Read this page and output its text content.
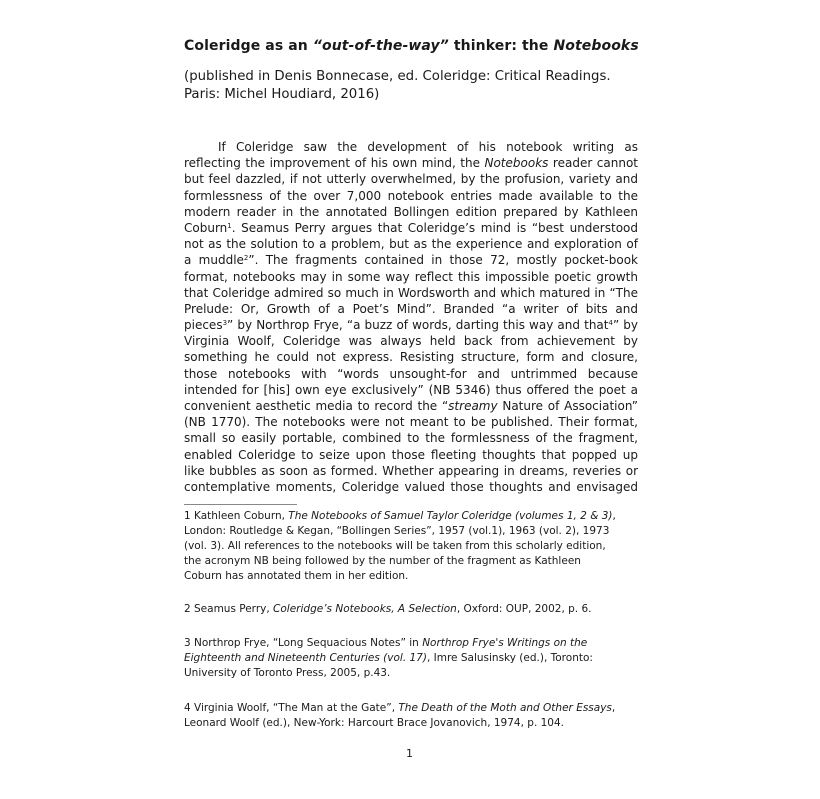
Coleridge as an “out-of-the-way” thinker: the Notebooks
(published in Denis Bonnecase, ed. Coleridge: Critical Readings.
Paris: Michel Houdiard, 2016)
If Coleridge saw the development of his notebook writing as
reflecting the improvement of his own mind, the Notebooks reader cannot
but feel dazzled, if not utterly overwhelmed, by the profusion, variety and
formlessness of the over 7,000 notebook entries made available to the
modern reader in the annotated Bollingen edition prepared by Kathleen
Coburn$^1$. Seamus Perry argues that Coleridge’s mind is “best understood
not as the solution to a problem, but as the experience and exploration of
a muddle$^2$”. The fragments contained in those 72, mostly pocket-book
format, notebooks may in some way reflect this impossible poetic growth
that Coleridge admired so much in Wordsworth and which matured in “The
Prelude: Or, Growth of a Poet’s Mind”. Branded “a writer of bits and
pieces$^3$” by Northrop Frye, “a buzz of words, darting this way and that$^4$” by
Virginia Woolf, Coleridge was always held back from achievement by
something he could not express. Resisting structure, form and closure,
those notebooks with “words unsought-for and untrimmed because
intended for [his] own eye exclusively” (NB 5346) thus offered the poet a
convenient aesthetic media to record the “streamy Nature of Association”
(NB 1770). The notebooks were not meant to be published. Their format,
small so easily portable, combined to the formlessness of the fragment,
enabled Coleridge to seize upon those fleeting thoughts that popped up
like bubbles as soon as formed. Whether appearing in dreams, reveries or
contemplative moments, Coleridge valued those thoughts and envisaged
1 Kathleen Coburn, The Notebooks of Samuel Taylor Coleridge (volumes 1, 2 & 3),
London: Routledge & Kegan, “Bollingen Series”, 1957 (vol.1), 1963 (vol. 2), 1973
(vol. 3). All references to the notebooks will be taken from this scholarly edition,
the acronym NB being followed by the number of the fragment as Kathleen
Coburn has annotated them in her edition.
2 Seamus Perry, Coleridge’s Notebooks, A Selection, Oxford: OUP, 2002, p. 6.
3 Northrop Frye, “Long Sequacious Notes” in Northrop Frye's Writings on the
Eighteenth and Nineteenth Centuries (vol. 17), Imre Salusinsky (ed.), Toronto:
University of Toronto Press, 2005, p.43.
4 Virginia Woolf, “The Man at the Gate”, The Death of the Moth and Other Essays,
Leonard Woolf (ed.), New-York: Harcourt Brace Jovanovich, 1974, p. 104.
1
